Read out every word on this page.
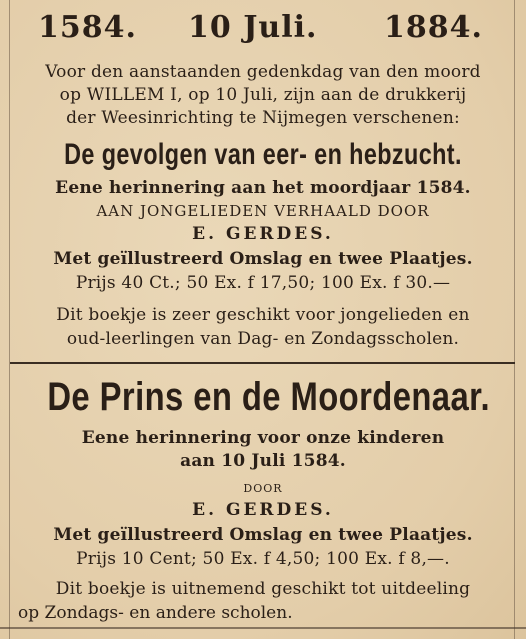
1584. 10 Juli. 1884.
Voor den aanstaanden gedenkdag van den moord
op WILLEM I, op 10 Juli, zijn aan de drukkerij
der Weesinrichting te Nijmegen verschenen:
De gevolgen van eer- en hebzucht.
Eene herinnering aan het moordjaar 1584.
AAN JONGELIEDEN VERHAALD DOOR
E. GERDES.
Met geïllustreerd Omslag en twee Plaatjes.
Prijs 40 Ct.; 50 Ex. f 17,50; 100 Ex. f 30.—
Dit boekje is zeer geschikt voor jongelieden en
oud-leerlingen van Dag- en Zondagsscholen.
De Prins en de Moordenaar.
Eene herinnering voor onze kinderen
aan 10 Juli 1584.
DOOR
E. GERDES.
Met geïllustreerd Omslag en twee Plaatjes.
Prijs 10 Cent; 50 Ex. f 4,50; 100 Ex. f 8,—.
Dit boekje is uitnemend geschikt tot uitdeeling
op Zondags- en andere scholen.
